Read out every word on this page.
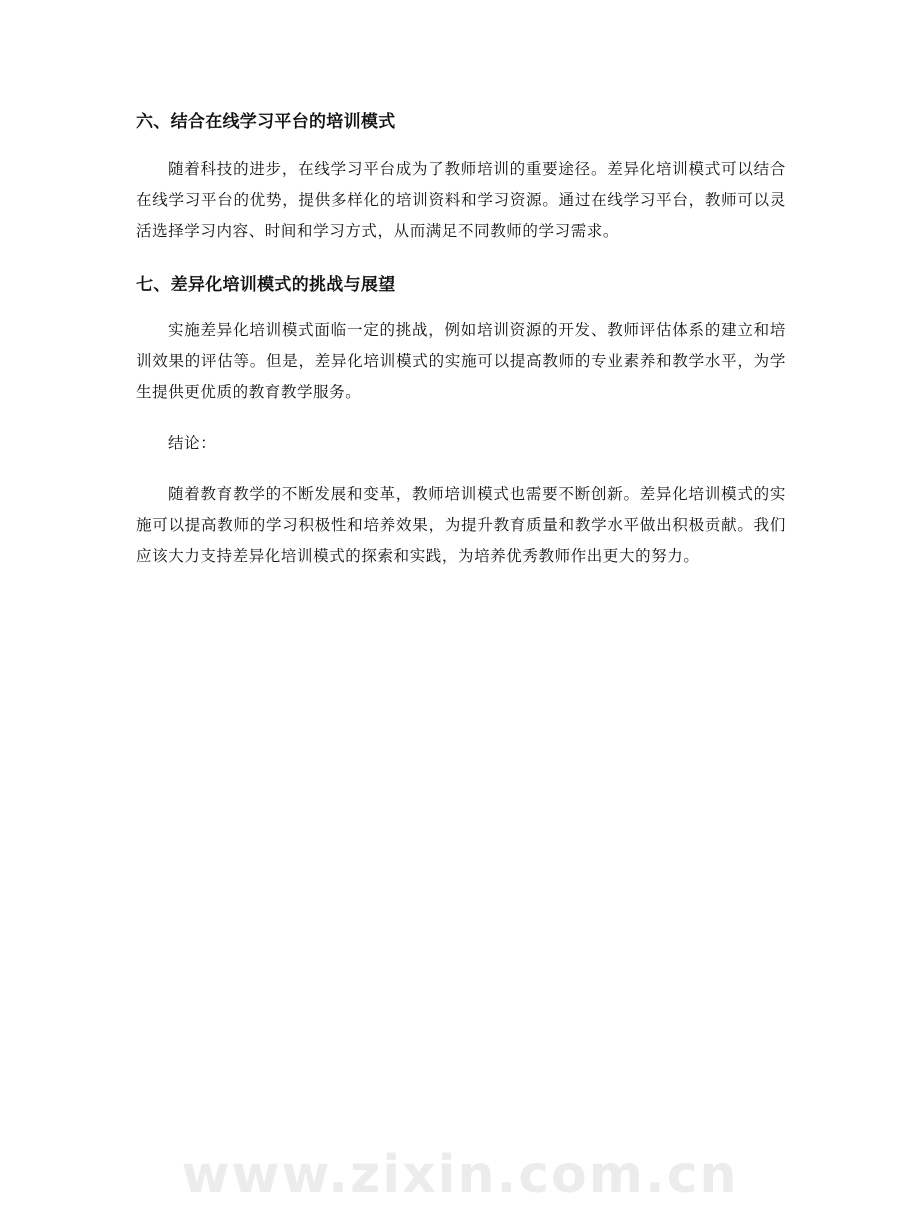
六、结合在线学习平台的培训模式

随着科技的进步，在线学习平台成为了教师培训的重要途径。差异化培训模式可以结合在线学习平台的优势，提供多样化的培训资料和学习资源。通过在线学习平台，教师可以灵活选择学习内容、时间和学习方式，从而满足不同教师的学习需求。

七、差异化培训模式的挑战与展望

实施差异化培训模式面临一定的挑战，例如培训资源的开发、教师评估体系的建立和培训效果的评估等。但是，差异化培训模式的实施可以提高教师的专业素养和教学水平，为学生提供更优质的教育教学服务。

结论：

随着教育教学的不断发展和变革，教师培训模式也需要不断创新。差异化培训模式的实施可以提高教师的学习积极性和培养效果，为提升教育质量和教学水平做出积极贡献。我们应该大力支持差异化培训模式的探索和实践，为培养优秀教师作出更大的努力。

www.zixin.com.cn
